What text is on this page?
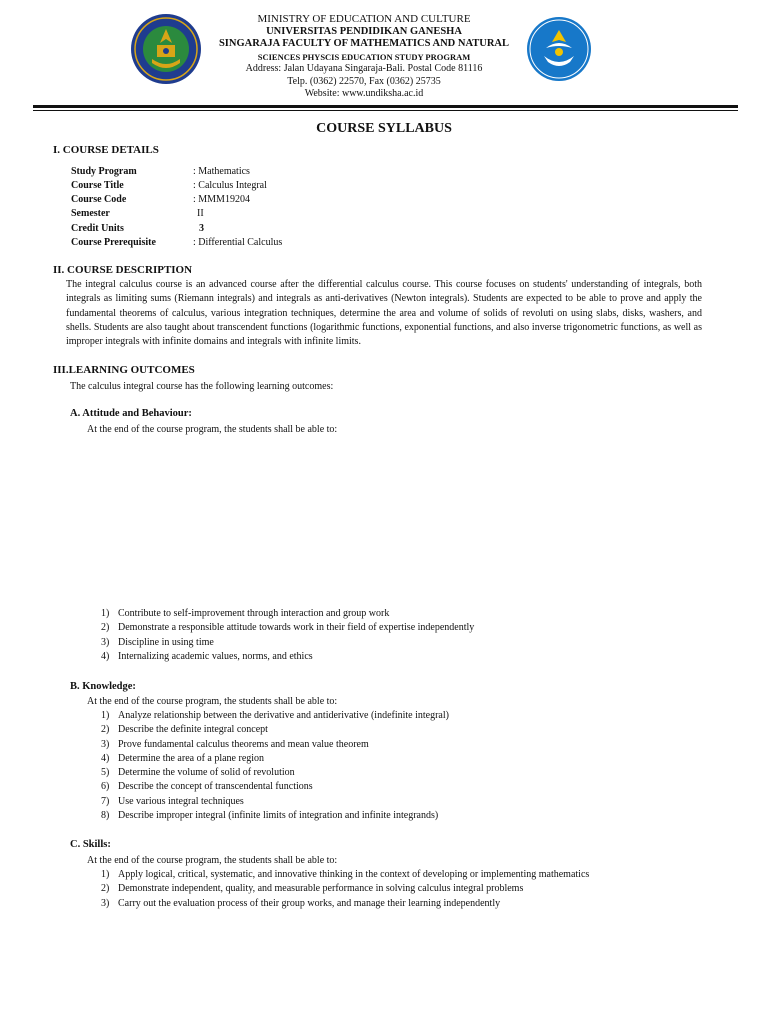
MINISTRY OF EDUCATION AND CULTURE
UNIVERSITAS PENDIDIKAN GANESHA
SINGARAJA FACULTY OF MATHEMATICS AND NATURAL
SCIENCES PHYSCIS EDUCATION STUDY PROGRAM
Address: Jalan Udayana Singaraja-Bali. Postal Code 81116
Telp. (0362) 22570, Fax (0362) 25735
Website: www.undiksha.ac.id
COURSE SYLLABUS
I. COURSE DETAILS
Study Program	: Mathematics
Course Title	: Calculus Integral
Course Code	: MMM19204
Semester	II
Credit Units	3
Course Prerequisite	: Differential Calculus
II. COURSE DESCRIPTION
The integral calculus course is an advanced course after the differential calculus course. This course focuses on students' understanding of integrals, both integrals as limiting sums (Riemann integrals) and integrals as anti-derivatives (Newton integrals). Students are expected to be able to prove and apply the fundamental theorems of calculus, various integration techniques, determine the area and volume of solids of revoluti on using slabs, disks, washers, and shells. Students are also taught about transcendent functions (logarithmic functions, exponential functions, and also inverse trigonometric functions, as well as improper integrals with infinite domains and integrals with infinite limits.
III.LEARNING OUTCOMES
The calculus integral course has the following learning outcomes:
A. Attitude and Behaviour:
At the end of the course program, the students shall be able to:
1) Contribute to self-improvement through interaction and group work
2) Demonstrate a responsible attitude towards work in their field of expertise independently
3) Discipline in using time
4) Internalizing academic values, norms, and ethics
B. Knowledge:
At the end of the course program, the students shall be able to:
1) Analyze relationship between the derivative and antiderivative (indefinite integral)
2) Describe the definite integral concept
3) Prove fundamental calculus theorems and mean value theorem
4) Determine the area of a plane region
5) Determine the volume of solid of revolution
6) Describe the concept of transcendental functions
7) Use various integral techniques
8) Describe improper integral (infinite limits of integration and infinite integrands)
C. Skills:
At the end of the course program, the students shall be able to:
1) Apply logical, critical, systematic, and innovative thinking in the context of developing or implementing mathematics
2) Demonstrate independent, quality, and measurable performance in solving calculus integral problems
3) Carry out the evaluation process of their group works, and manage their learning independently
